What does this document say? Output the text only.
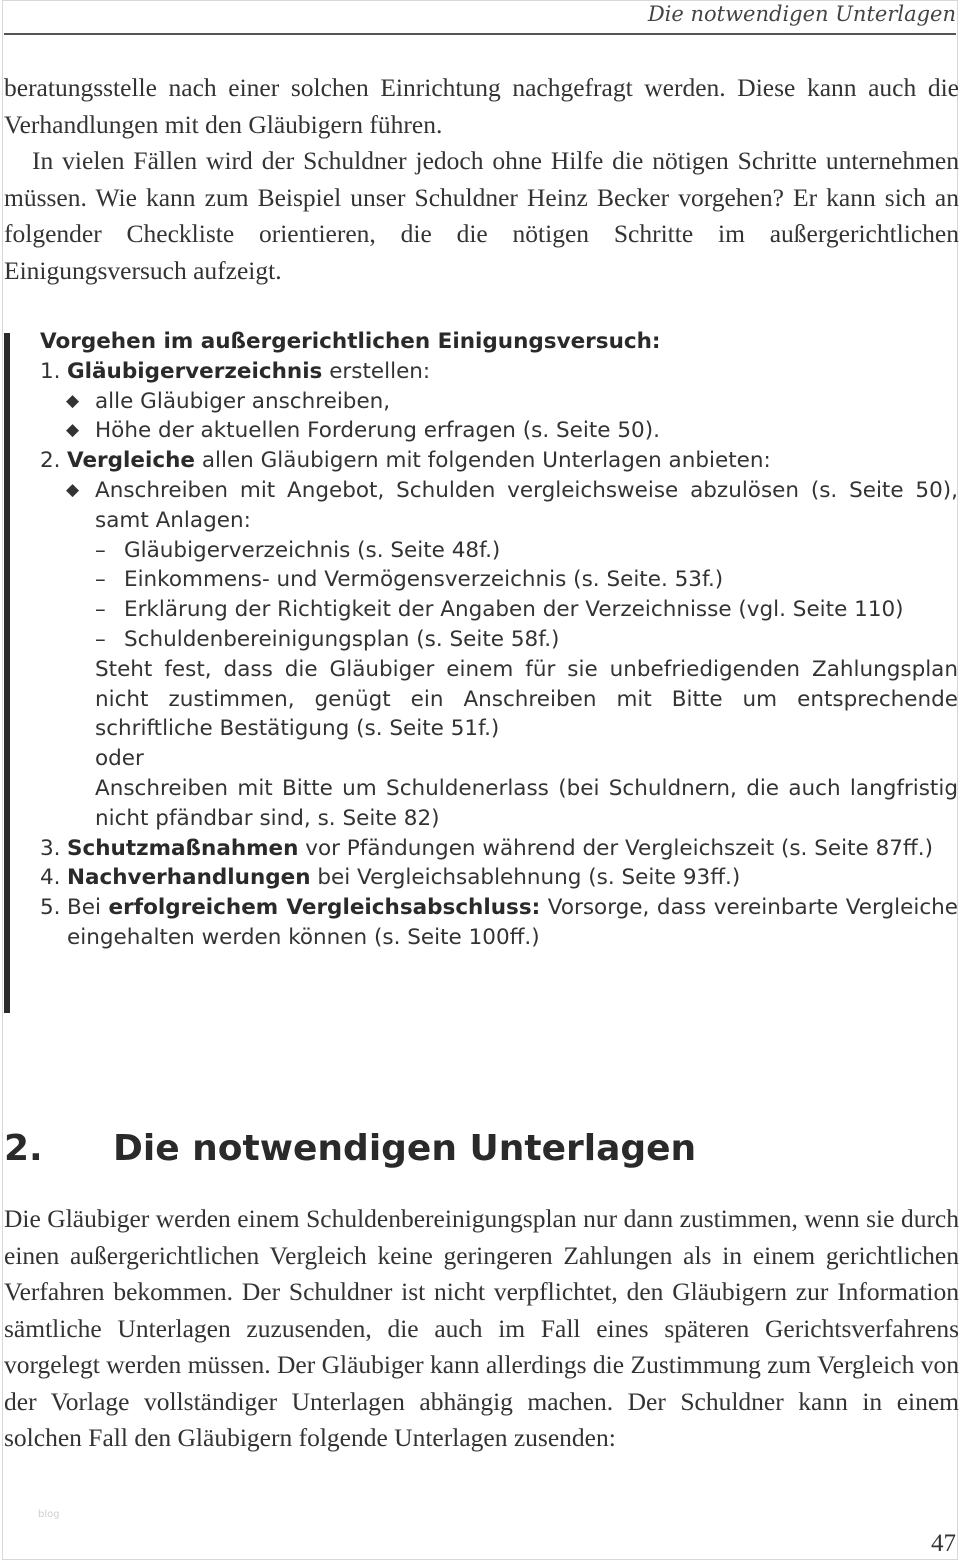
Die notwendigen Unterlagen

beratungsstelle nach einer solchen Einrichtung nachgefragt werden. Diese kann auch die Verhandlungen mit den Gläubigern führen.

In vielen Fällen wird der Schuldner jedoch ohne Hilfe die nötigen Schritte unternehmen müssen. Wie kann zum Beispiel unser Schuldner Heinz Becker vorgehen? Er kann sich an folgender Checkliste orientieren, die die nötigen Schritte im außergerichtlichen Einigungsversuch aufzeigt.

Vorgehen im außergerichtlichen Einigungsversuch:
1. Gläubigerverzeichnis erstellen:
◆ alle Gläubiger anschreiben,
◆ Höhe der aktuellen Forderung erfragen (s. Seite 50).
2. Vergleiche allen Gläubigern mit folgenden Unterlagen anbieten:
◆ Anschreiben mit Angebot, Schulden vergleichsweise abzulösen (s. Seite 50), samt Anlagen:
– Gläubigerverzeichnis (s. Seite 48f.)
– Einkommens- und Vermögensverzeichnis (s. Seite. 53f.)
– Erklärung der Richtigkeit der Angaben der Verzeichnisse (vgl. Seite 110)
– Schuldenbereinigungsplan (s. Seite 58f.)
Steht fest, dass die Gläubiger einem für sie unbefriedigenden Zahlungsplan nicht zustimmen, genügt ein Anschreiben mit Bitte um entsprechende schriftliche Bestätigung (s. Seite 51f.)
oder
Anschreiben mit Bitte um Schuldenerlass (bei Schuldnern, die auch langfristig nicht pfändbar sind, s. Seite 82)
3. Schutzmaßnahmen vor Pfändungen während der Vergleichszeit (s. Seite 87ff.)
4. Nachverhandlungen bei Vergleichsablehnung (s. Seite 93ff.)
5. Bei erfolgreichem Vergleichsabschluss: Vorsorge, dass vereinbarte Vergleiche eingehalten werden können (s. Seite 100ff.)
2. Die notwendigen Unterlagen

Die Gläubiger werden einem Schuldenbereinigungsplan nur dann zustimmen, wenn sie durch einen außergerichtlichen Vergleich keine geringeren Zahlungen als in einem gerichtlichen Verfahren bekommen. Der Schuldner ist nicht verpflichtet, den Gläubigern zur Information sämtliche Unterlagen zuzusenden, die auch im Fall eines späteren Gerichtsverfahrens vorgelegt werden müssen. Der Gläubiger kann allerdings die Zustimmung zum Vergleich von der Vorlage vollständiger Unterlagen abhängig machen. Der Schuldner kann in einem solchen Fall den Gläubigern folgende Unterlagen zusenden:

blog
47
